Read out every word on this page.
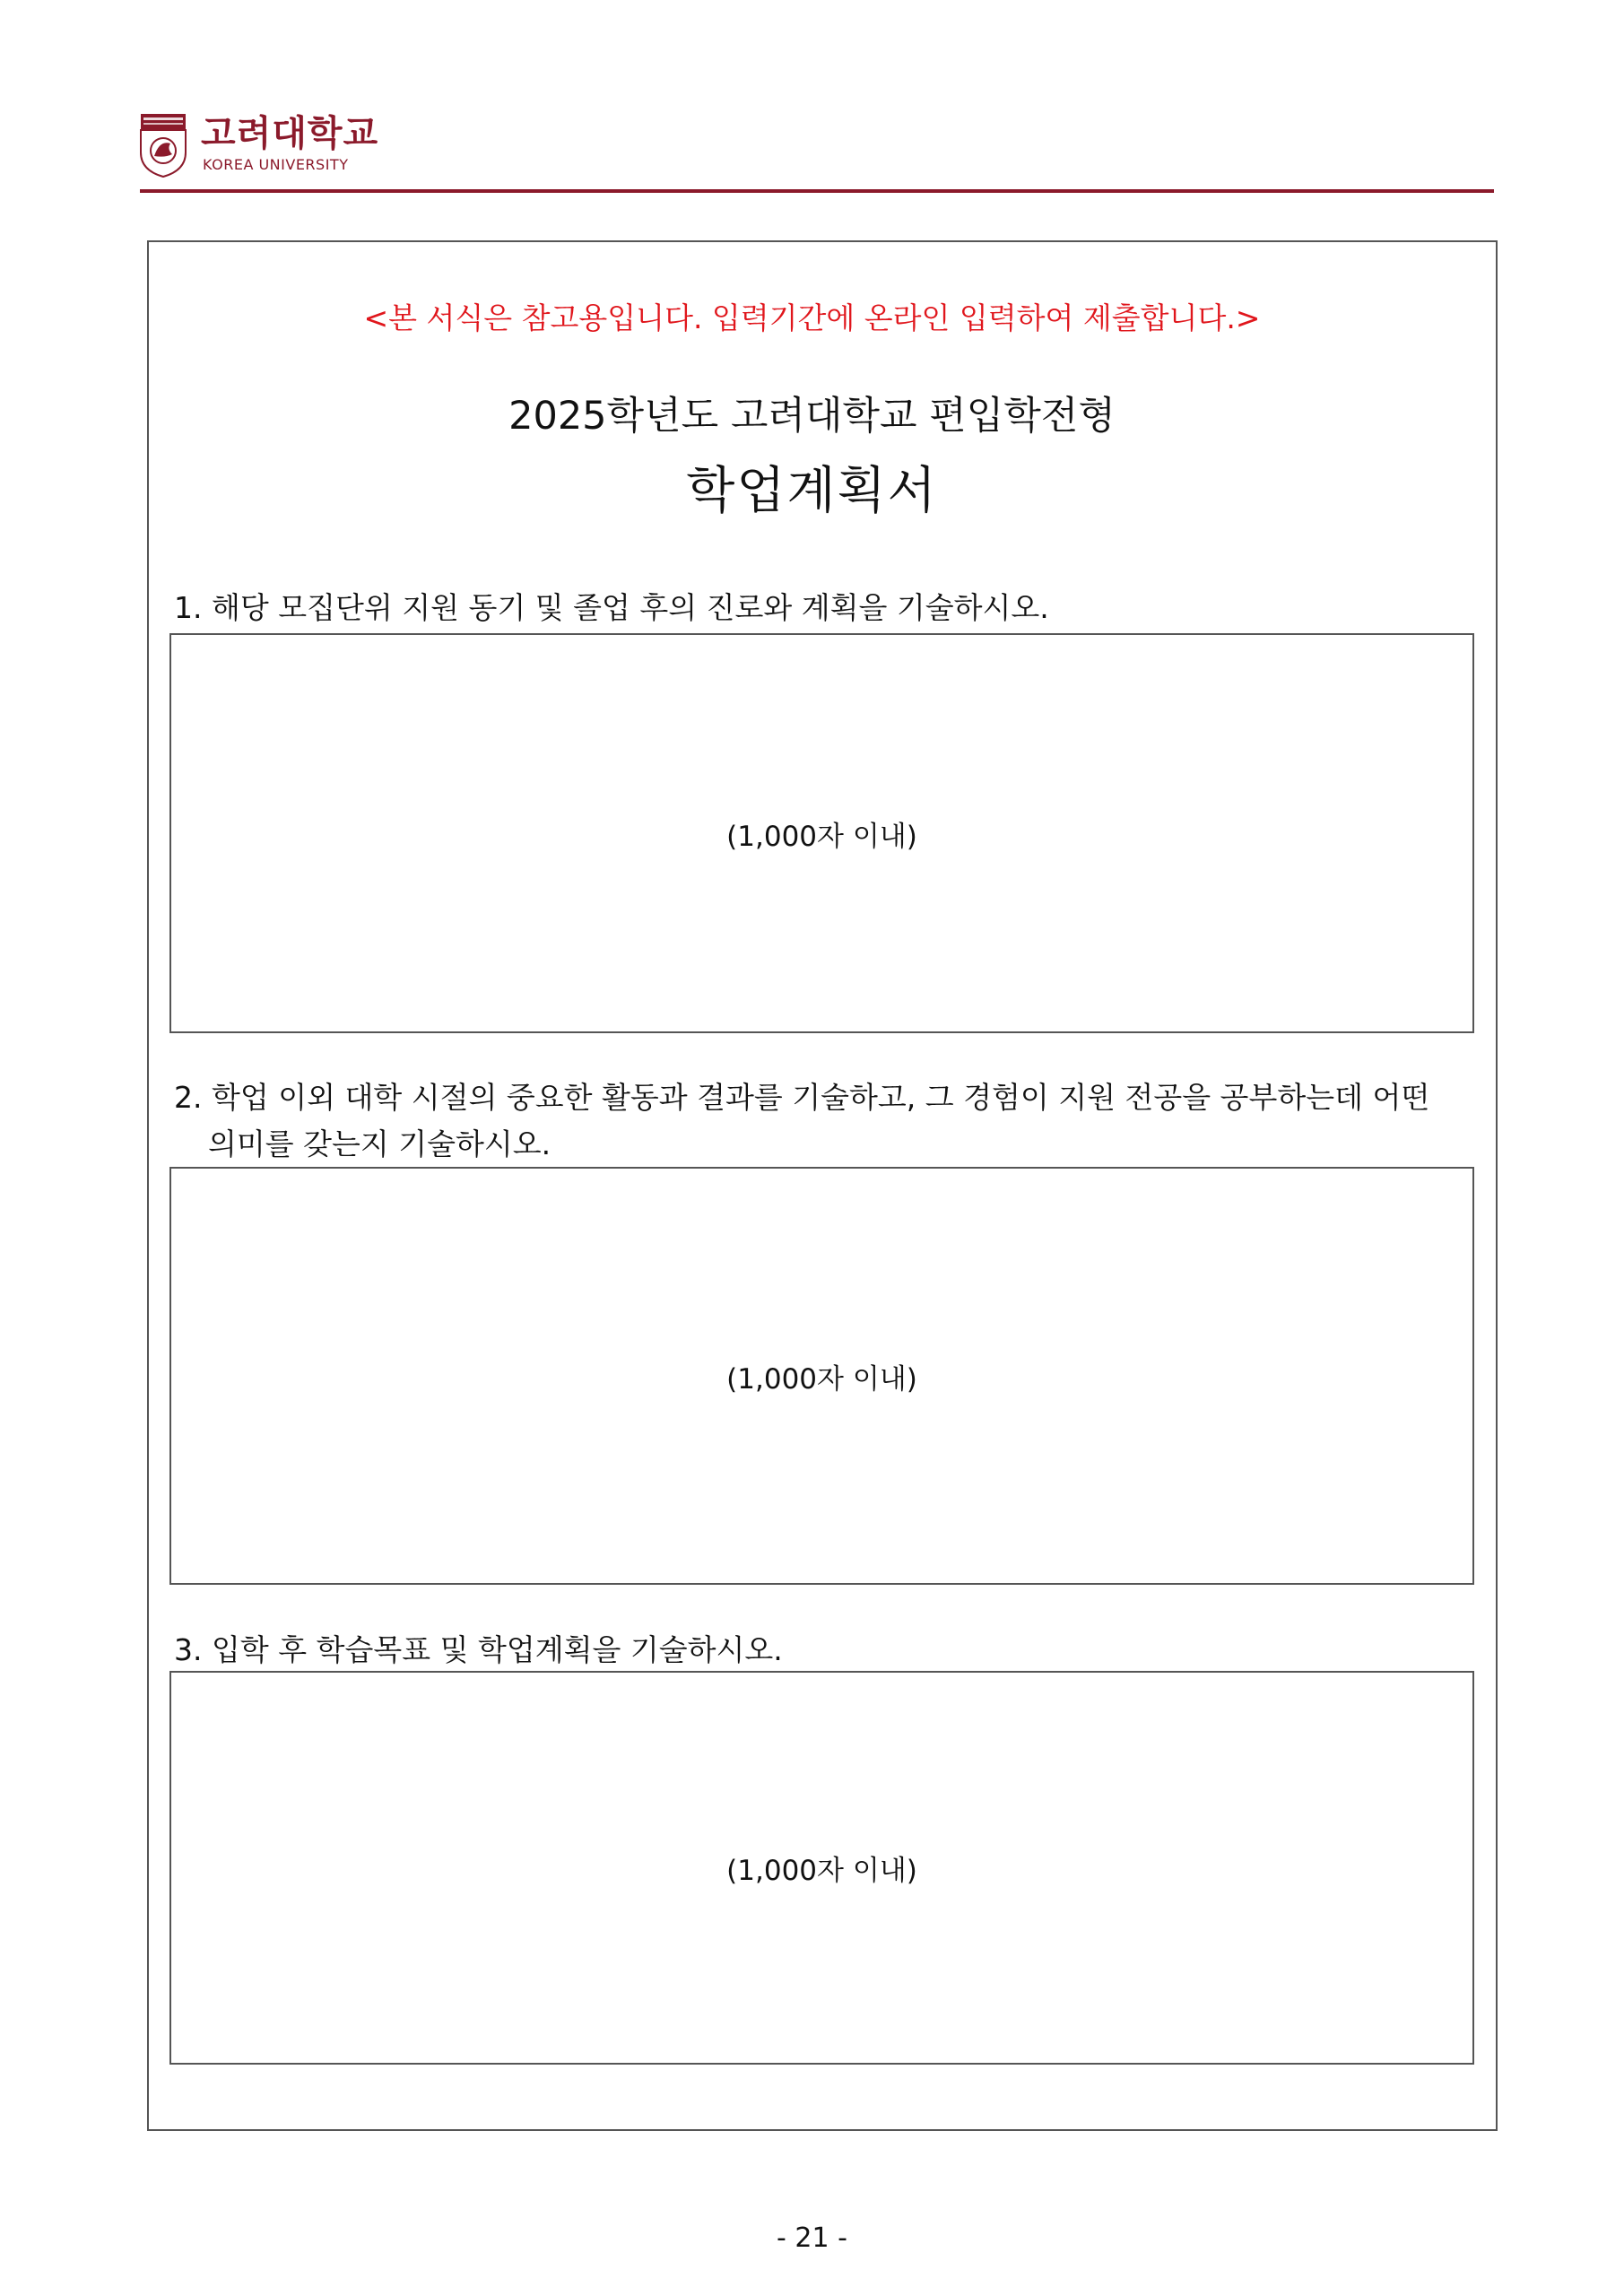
고려대학교
KOREA UNIVERSITY
<본 서식은 참고용입니다. 입력기간에 온라인 입력하여 제출합니다.>
2025학년도 고려대학교 편입학전형
학업계획서
1. 해당 모집단위 지원 동기 및 졸업 후의 진로와 계획을 기술하시오.
(1,000자 이내)
2. 학업 이외 대학 시절의 중요한 활동과 결과를 기술하고, 그 경험이 지원 전공을 공부하는데 어떤
의미를 갖는지 기술하시오.
(1,000자 이내)
3. 입학 후 학습목표 및 학업계획을 기술하시오.
(1,000자 이내)
- 21 -
